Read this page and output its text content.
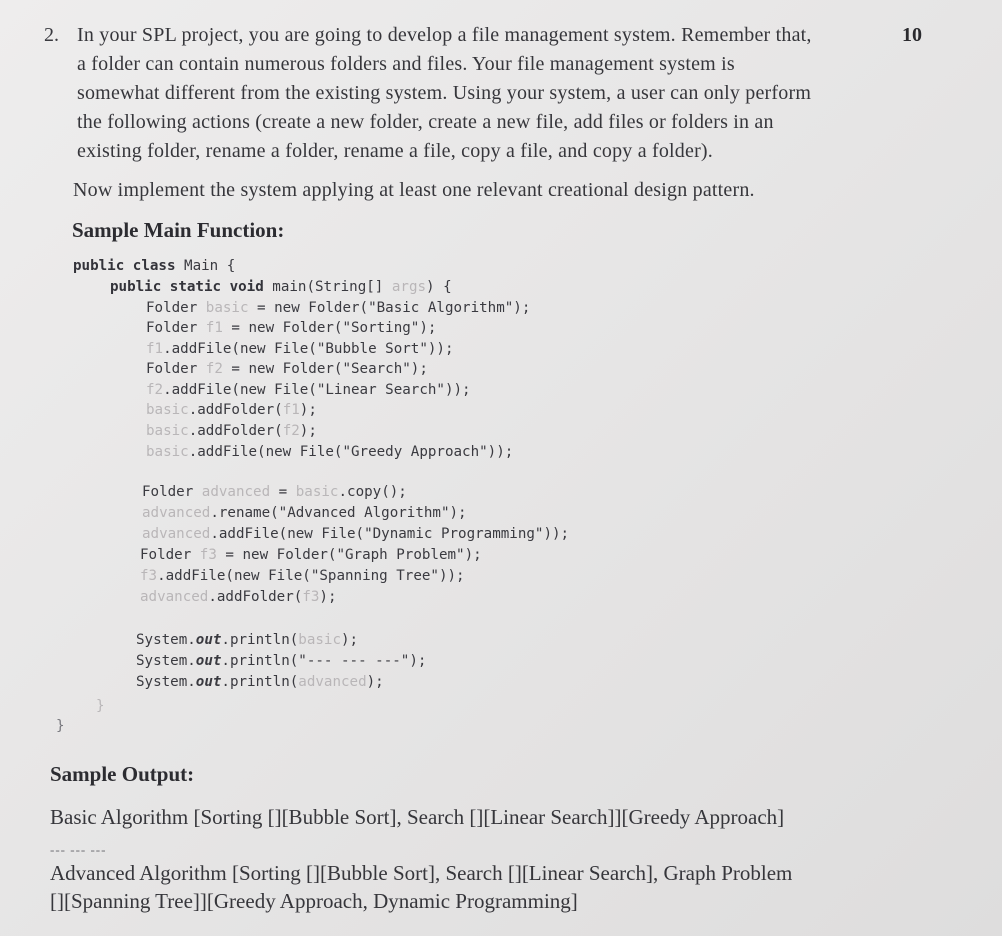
2.	10
In your SPL project, you are going to develop a file management system. Remember that,
a folder can contain numerous folders and files. Your file management system is
somewhat different from the existing system. Using your system, a user can only perform
the following actions (create a new folder, create a new file, add files or folders in an
existing folder, rename a folder, rename a file, copy a file, and copy a folder).
Now implement the system applying at least one relevant creational design pattern.
Sample Main Function:
public class Main {
public static void main(String[] args) {
Folder basic = new Folder("Basic Algorithm");
Folder f1 = new Folder("Sorting");
f1.addFile(new File("Bubble Sort"));
Folder f2 = new Folder("Search");
f2.addFile(new File("Linear Search"));
basic.addFolder(f1);
basic.addFolder(f2);
basic.addFile(new File("Greedy Approach"));
Folder advanced = basic.copy();
advanced.rename("Advanced Algorithm");
advanced.addFile(new File("Dynamic Programming"));
Folder f3 = new Folder("Graph Problem");
f3.addFile(new File("Spanning Tree"));
advanced.addFolder(f3);
System.out.println(basic);
System.out.println("--- --- ---");
System.out.println(advanced);
}
}
Sample Output:
Basic Algorithm [Sorting [][Bubble Sort], Search [][Linear Search]][Greedy Approach]
--- --- ---
Advanced Algorithm [Sorting [][Bubble Sort], Search [][Linear Search], Graph Problem
[][Spanning Tree]][Greedy Approach, Dynamic Programming]
